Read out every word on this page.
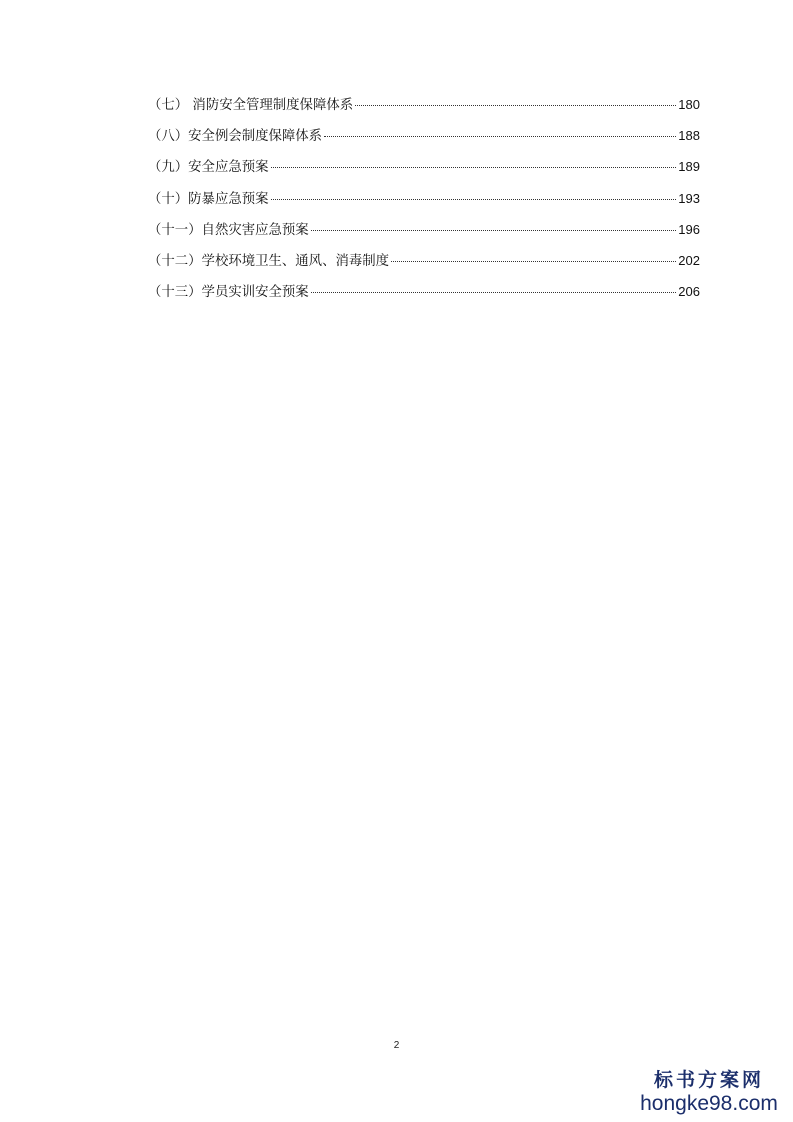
（七） 消防安全管理制度保障体系	180
（八）安全例会制度保障体系	188
（九）安全应急预案	189
（十）防暴应急预案	193
（十一）自然灾害应急预案	196
（十二）学校环境卫生、通风、消毒制度	202
（十三）学员实训安全预案	206
2
标书方案网
hongke98.com
